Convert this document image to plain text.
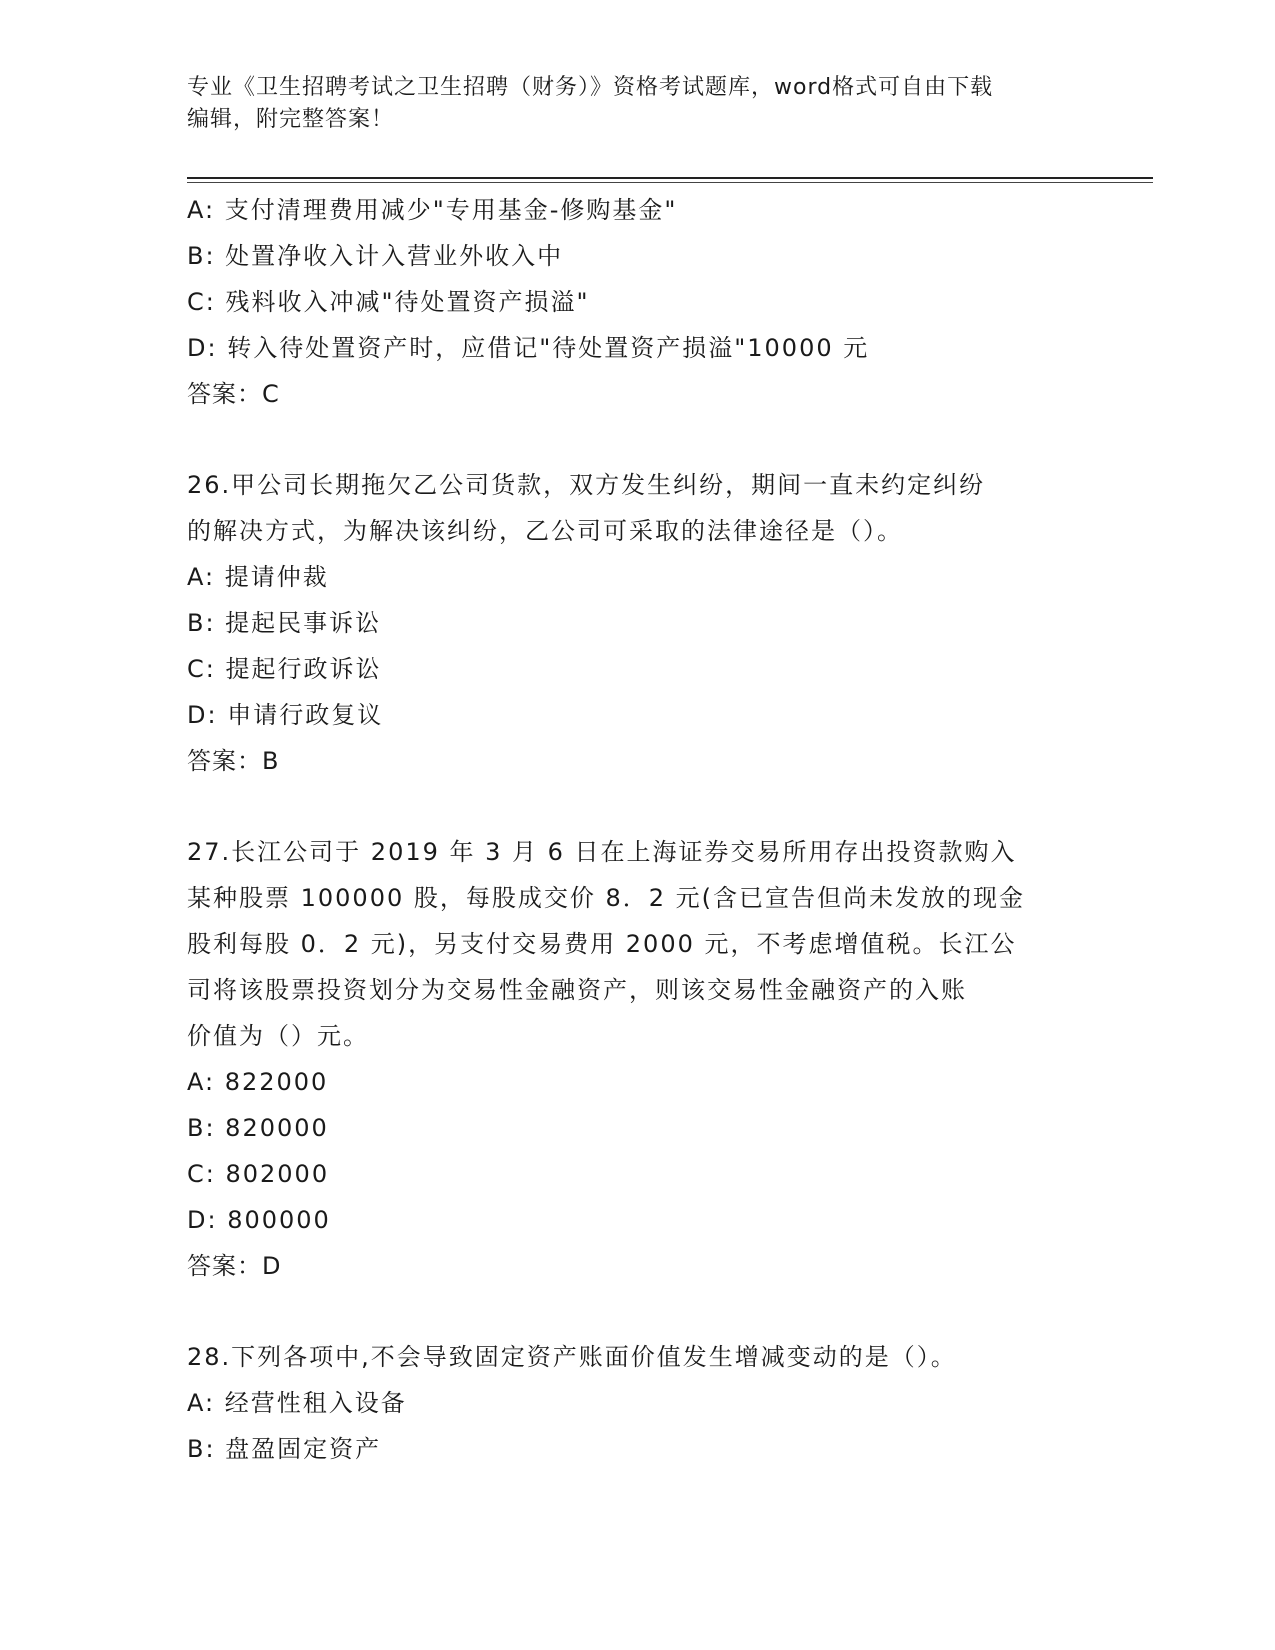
专业《卫生招聘考试之卫生招聘（财务）》资格考试题库，word格式可自由下载
编辑，附完整答案！
A: 支付清理费用减少"专用基金-修购基金"
B: 处置净收入计入营业外收入中
C: 残料收入冲减"待处置资产损溢"
D: 转入待处置资产时，应借记"待处置资产损溢"10000 元
答案：C
26.甲公司长期拖欠乙公司货款，双方发生纠纷，期间一直未约定纠纷
的解决方式，为解决该纠纷，乙公司可采取的法律途径是（）。
A: 提请仲裁
B: 提起民事诉讼
C: 提起行政诉讼
D: 申请行政复议
答案：B
27.长江公司于 2019 年 3 月 6 日在上海证券交易所用存出投资款购入
某种股票 100000 股，每股成交价 8．2 元(含已宣告但尚未发放的现金
股利每股 0．2 元)，另支付交易费用 2000 元，不考虑增值税。长江公
司将该股票投资划分为交易性金融资产，则该交易性金融资产的入账
价值为（）元。
A: 822000
B: 820000
C: 802000
D: 800000
答案：D
28.下列各项中,不会导致固定资产账面价值发生增减变动的是（）。
A: 经营性租入设备
B: 盘盈固定资产
